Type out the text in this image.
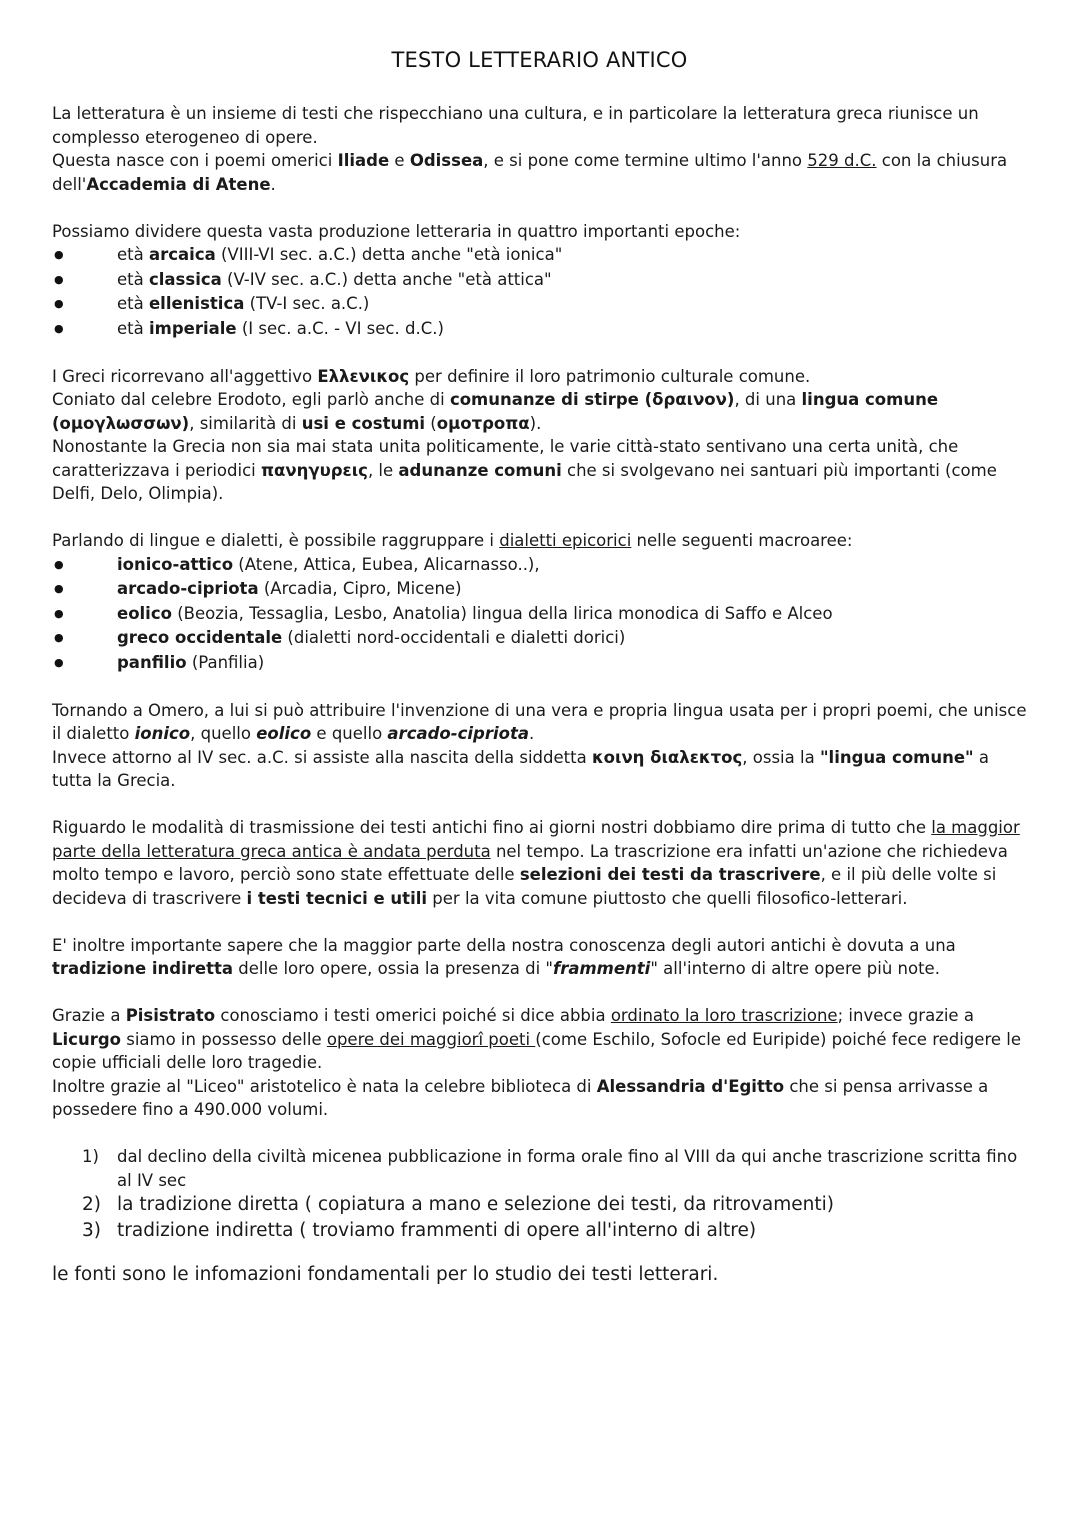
TESTO LETTERARIO ANTICO

La letteratura è un insieme di testi che rispecchiano una cultura, e in particolare la letteratura greca riunisce un complesso eterogeneo di opere.

Questa nasce con i poemi omerici Iliade e Odissea, e si pone come termine ultimo l'anno 529 d.C. con la chiusura dell'Accademia di Atene.

Possiamo dividere questa vasta produzione letteraria in quattro importanti epoche:

● età arcaica (VIII-VI sec. a.C.) detta anche "età ionica"
● età classica (V-IV sec. a.C.) detta anche "età attica"
● età ellenistica (TV-I sec. a.C.)
● età imperiale (I sec. a.C. - VI sec. d.C.)

I Greci ricorrevano all'aggettivo Ελλενικος per definire il loro patrimonio culturale comune.

Coniato dal celebre Erodoto, egli parlò anche di comunanze di stirpe (δραινον), di una lingua comune (ομογλωσσων), similarità di usi e costumi (ομοτροπα).

Nonostante la Grecia non sia mai stata unita politicamente, le varie città-stato sentivano una certa unità, che caratterizzava i periodici πανηγυρεις, le adunanze comuni che si svolgevano nei santuari più importanti (come Delfi, Delo, Olimpia).

Parlando di lingue e dialetti, è possibile raggruppare i dialetti epicorici nelle seguenti macroaree:

● ionico-attico (Atene, Attica, Eubea, Alicarnasso..),
● arcado-cipriota (Arcadia, Cipro, Micene)
● eolico (Beozia, Tessaglia, Lesbo, Anatolia) lingua della lirica monodica di Saffo e Alceo
● greco occidentale (dialetti nord-occidentali e dialetti dorici)
● panfilio (Panfilia)

Tornando a Omero, a lui si può attribuire l'invenzione di una vera e propria lingua usata per i propri poemi, che unisce il dialetto ionico, quello eolico e quello arcado-cipriota.

Invece attorno al IV sec. a.C. si assiste alla nascita della siddetta κοινη διαλεκτος, ossia la "lingua comune" a tutta la Grecia.

Riguardo le modalità di trasmissione dei testi antichi fino ai giorni nostri dobbiamo dire prima di tutto che la maggior parte della letteratura greca antica è andata perduta nel tempo. La trascrizione era infatti un'azione che richiedeva molto tempo e lavoro, perciò sono state effettuate delle selezioni dei testi da trascrivere, e il più delle volte si decideva di trascrivere i testi tecnici e utili per la vita comune piuttosto che quelli filosofico-letterari.

E' inoltre importante sapere che la maggior parte della nostra conoscenza degli autori antichi è dovuta a una tradizione indiretta delle loro opere, ossia la presenza di "frammenti" all'interno di altre opere più note.

Grazie a Pisistrato conosciamo i testi omerici poiché si dice abbia ordinato la loro trascrizione; invece grazie a Licurgo siamo in possesso delle opere dei maggiorî poeti (come Eschilo, Sofocle ed Euripide) poiché fece redigere le copie ufficiali delle loro tragedie.

Inoltre grazie al "Liceo" aristotelico è nata la celebre biblioteca di Alessandria d'Egitto che si pensa arrivasse a possedere fino a 490.000 volumi.

1) dal declino della civiltà micenea pubblicazione in forma orale fino al VIII da qui anche trascrizione scritta fino al IV sec
2) la tradizione diretta ( copiatura a mano e selezione dei testi, da ritrovamenti)
3) tradizione indiretta ( troviamo frammenti di opere all'interno di altre)

le fonti sono le infomazioni fondamentali per lo studio dei testi letterari.
